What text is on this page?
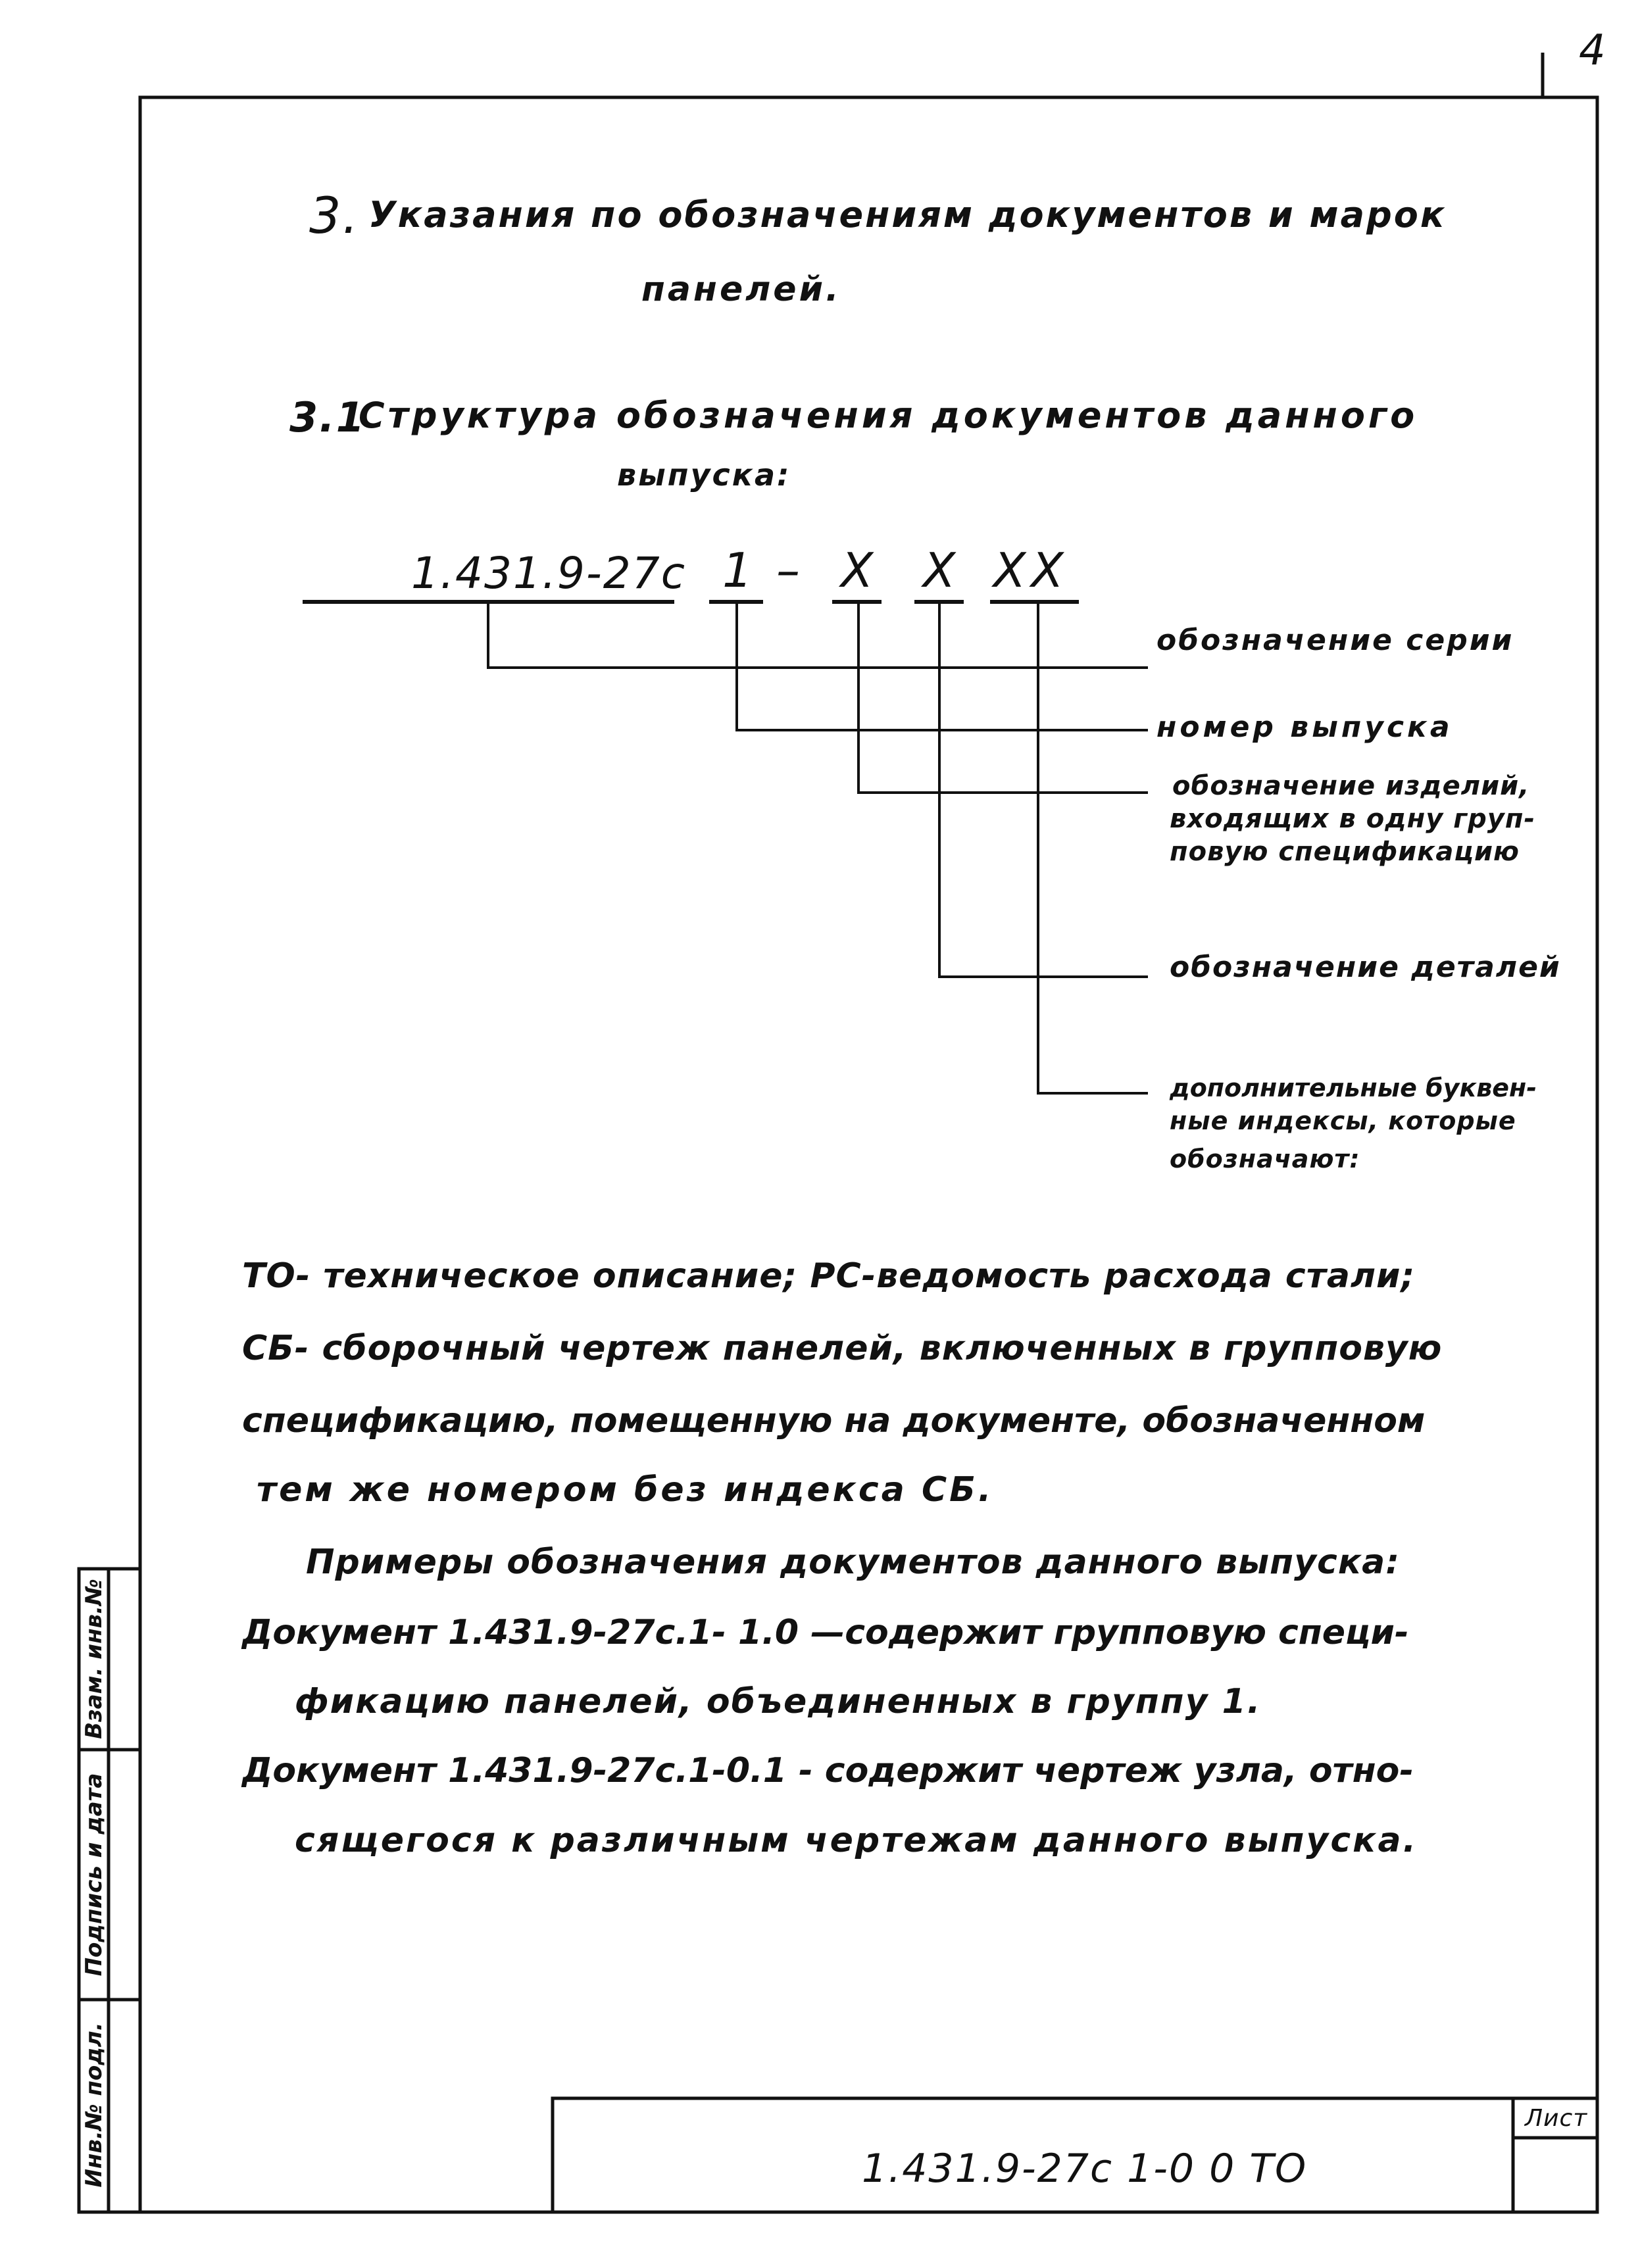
4
3. Указания по обозначениям документов и марок
панелей.
3.1
Структура обозначения документов данного
выпуска:
1.431.9-27с 1 – Х Х ХХ
обозначение серии
номер выпуска
обозначение изделий,
входящих в одну груп-
повую спецификацию
обозначение деталей
дополнительные буквен-
ные индексы, которые
обозначают:
ТО- техническое описание; РС-ведомость расхода стали;
СБ- сборочный чертеж панелей, включенных в групповую
спецификацию, помещенную на документе, обозначенном
тем же номером без индекса СБ.
Примеры обозначения документов данного выпуска:
Документ 1.431.9-27с.1- 1.0 —содержит групповую специ-
фикацию панелей, объединенных в группу 1.
Документ 1.431.9-27с.1-0.1 - содержит чертеж узла, отно-
сящегося к различным чертежам данного выпуска.
Инв.№ подл.
Подпись и дата
Взам. инв.№
1.431.9-27с 1-0 0 ТО
Лист
